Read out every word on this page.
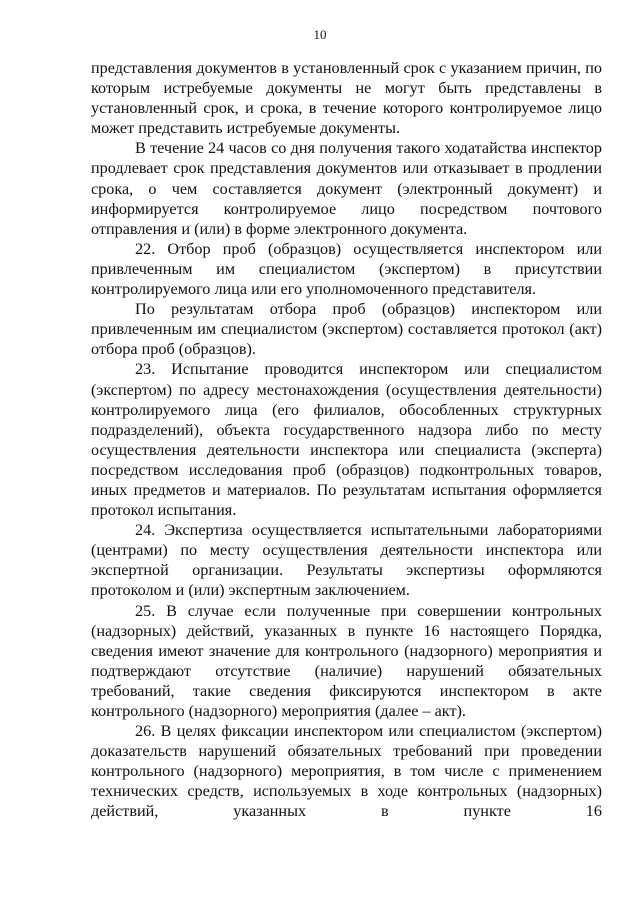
10

представления документов в установленный срок с указанием причин, по которым истребуемые документы не могут быть представлены в установленный срок, и срока, в течение которого контролируемое лицо может представить истребуемые документы.

В течение 24 часов со дня получения такого ходатайства инспектор продлевает срок представления документов или отказывает в продлении срока, о чем составляется документ (электронный документ) и информируется контролируемое лицо посредством почтового отправления и (или) в форме электронного документа.

22. Отбор проб (образцов) осуществляется инспектором или привлеченным им специалистом (экспертом) в присутствии контролируемого лица или его уполномоченного представителя.

По результатам отбора проб (образцов) инспектором или привлеченным им специалистом (экспертом) составляется протокол (акт) отбора проб (образцов).

23. Испытание проводится инспектором или специалистом (экспертом) по адресу местонахождения (осуществления деятельности) контролируемого лица (его филиалов, обособленных структурных подразделений), объекта государственного надзора либо по месту осуществления деятельности инспектора или специалиста (эксперта) посредством исследования проб (образцов) подконтрольных товаров, иных предметов и материалов. По результатам испытания оформляется протокол испытания.

24. Экспертиза осуществляется испытательными лабораториями (центрами) по месту осуществления деятельности инспектора или экспертной организации. Результаты экспертизы оформляются протоколом и (или) экспертным заключением.

25. В случае если полученные при совершении контрольных (надзорных) действий, указанных в пункте 16 настоящего Порядка, сведения имеют значение для контрольного (надзорного) мероприятия и подтверждают отсутствие (наличие) нарушений обязательных требований, такие сведения фиксируются инспектором в акте контрольного (надзорного) мероприятия (далее – акт).

26. В целях фиксации инспектором или специалистом (экспертом) доказательств нарушений обязательных требований при проведении контрольного (надзорного) мероприятия, в том числе с применением технических средств, используемых в ходе контрольных (надзорных) действий, указанных в пункте 16
